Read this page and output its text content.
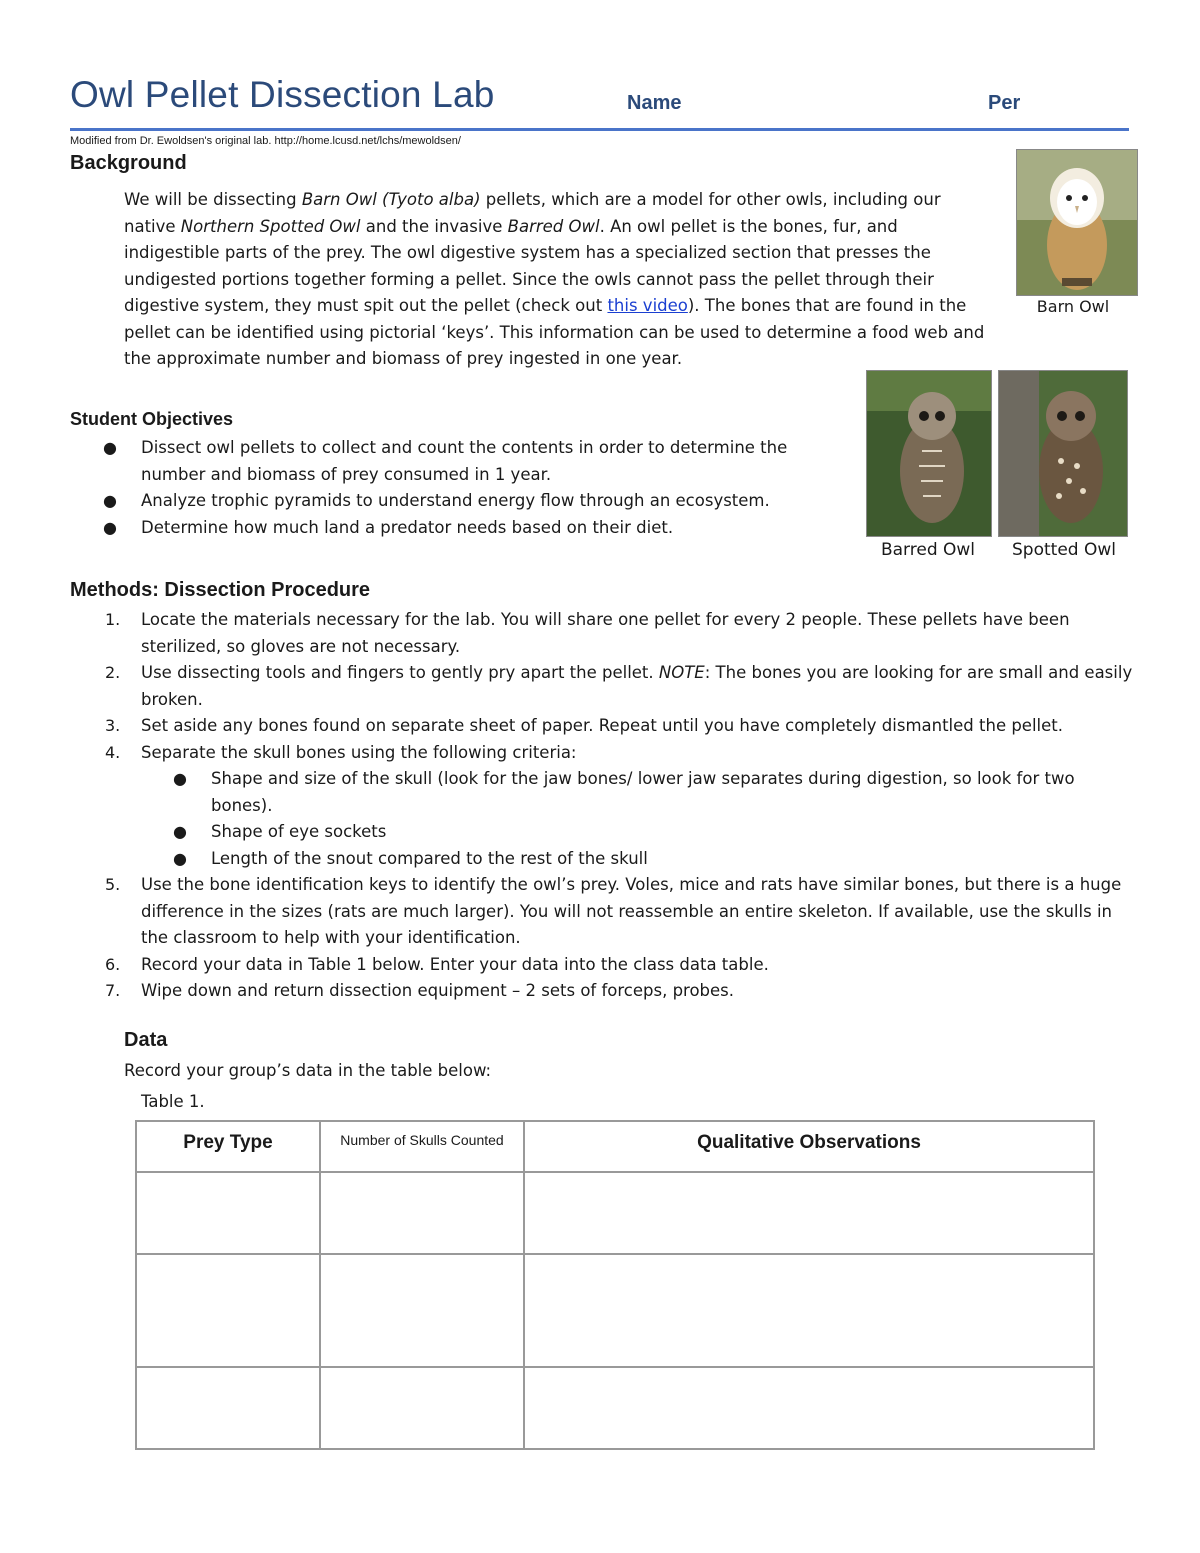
Owl Pellet Dissection Lab	Name	Per
Modified from Dr. Ewoldsen's original lab. http://home.lcusd.net/lchs/mewoldsen/
Background
We will be dissecting Barn Owl (Tyoto alba) pellets, which are a model for other owls, including our native Northern Spotted Owl and the invasive Barred Owl. An owl pellet is the bones, fur, and indigestible parts of the prey. The owl digestive system has a specialized section that presses the undigested portions together forming a pellet. Since the owls cannot pass the pellet through their digestive system, they must spit out the pellet (check out this video). The bones that are found in the pellet can be identified using pictorial ‘keys’. This information can be used to determine a food web and the approximate number and biomass of prey ingested in one year.
Barn Owl
Barred Owl	Spotted Owl
Student Objectives
● Dissect owl pellets to collect and count the contents in order to determine the number and biomass of prey consumed in 1 year.
● Analyze trophic pyramids to understand energy flow through an ecosystem.
● Determine how much land a predator needs based on their diet.
Methods: Dissection Procedure
1. Locate the materials necessary for the lab. You will share one pellet for every 2 people. These pellets have been sterilized, so gloves are not necessary.
2. Use dissecting tools and fingers to gently pry apart the pellet. NOTE: The bones you are looking for are small and easily broken.
3. Set aside any bones found on separate sheet of paper. Repeat until you have completely dismantled the pellet.
4. Separate the skull bones using the following criteria:
● Shape and size of the skull (look for the jaw bones/ lower jaw separates during digestion, so look for two bones).
● Shape of eye sockets
● Length of the snout compared to the rest of the skull
5. Use the bone identification keys to identify the owl’s prey. Voles, mice and rats have similar bones, but there is a huge difference in the sizes (rats are much larger). You will not reassemble an entire skeleton. If available, use the skulls in the classroom to help with your identification.
6. Record your data in Table 1 below. Enter your data into the class data table.
7. Wipe down and return dissection equipment – 2 sets of forceps, probes.
Data
Record your group’s data in the table below:
Table 1.
Prey Type	Number of Skulls Counted	Qualitative Observations
